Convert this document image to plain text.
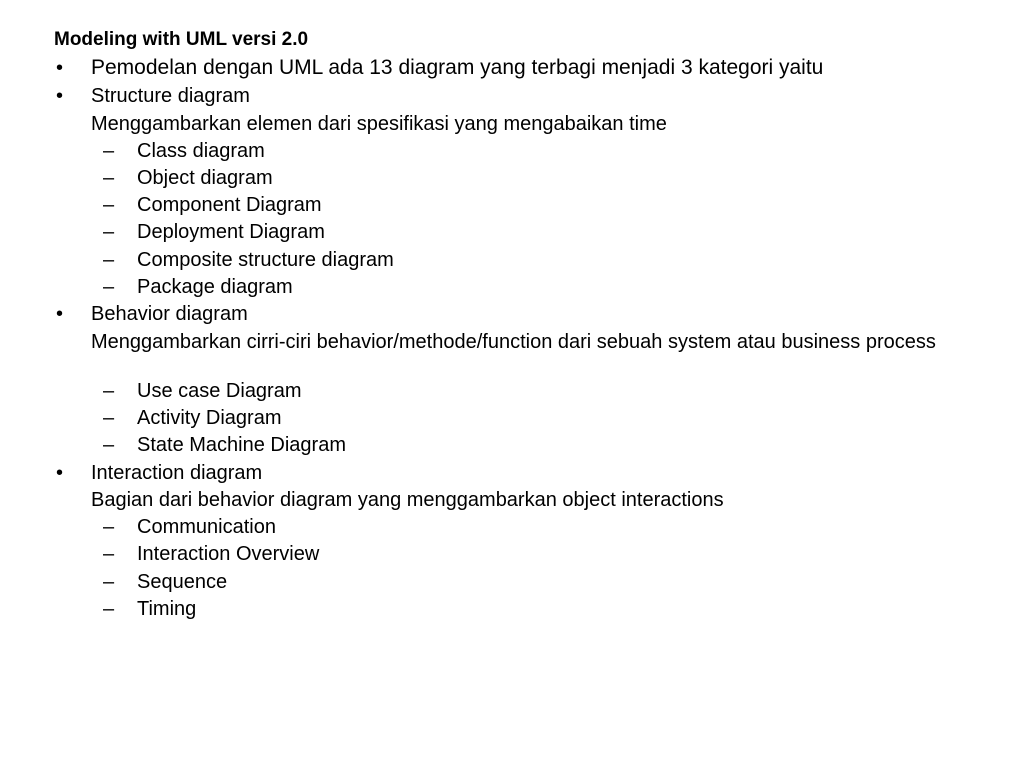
Modeling with UML versi 2.0
• Pemodelan dengan UML ada 13 diagram yang terbagi menjadi 3 kategori yaitu
• Structure diagram
Menggambarkan elemen dari spesifikasi yang mengabaikan time
– Class diagram
– Object diagram
– Component Diagram
– Deployment Diagram
– Composite structure diagram
– Package diagram
• Behavior diagram
Menggambarkan cirri-ciri behavior/methode/function dari sebuah system atau business process
– Use case Diagram
– Activity Diagram
– State Machine Diagram
• Interaction diagram
Bagian dari behavior diagram yang menggambarkan object interactions
– Communication
– Interaction Overview
– Sequence
– Timing
